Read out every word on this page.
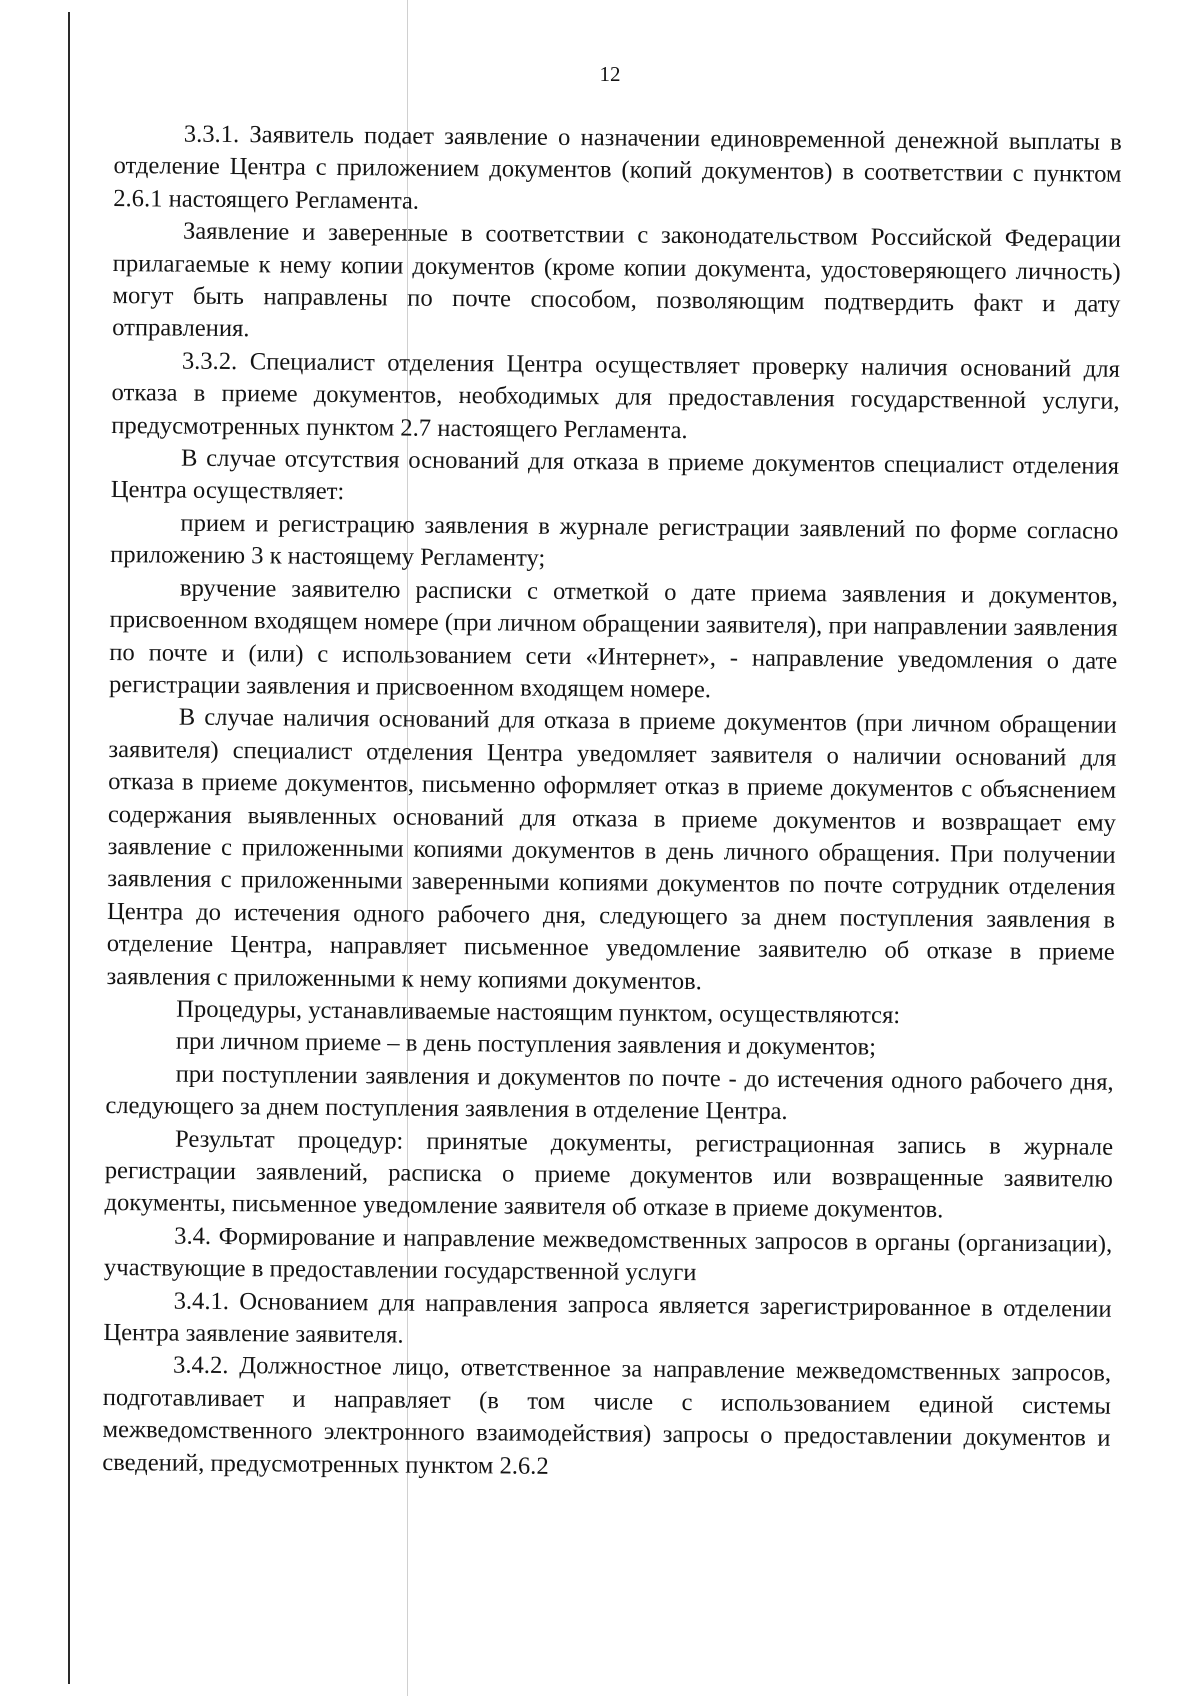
12

3.3.1. Заявитель подает заявление о назначении единовременной денежной выплаты в отделение Центра с приложением документов (копий документов) в соответствии с пунктом 2.6.1 настоящего Регламента.

Заявление и заверенные в соответствии с законодательством Российской Федерации прилагаемые к нему копии документов (кроме копии документа, удостоверяющего личность) могут быть направлены по почте способом, позволяющим подтвердить факт и дату отправления.

3.3.2. Специалист отделения Центра осуществляет проверку наличия оснований для отказа в приеме документов, необходимых для предоставления государственной услуги, предусмотренных пунктом 2.7 настоящего Регламента.

В случае отсутствия оснований для отказа в приеме документов специалист отделения Центра осуществляет:

прием и регистрацию заявления в журнале регистрации заявлений по форме согласно приложению 3 к настоящему Регламенту;

вручение заявителю расписки с отметкой о дате приема заявления и документов, присвоенном входящем номере (при личном обращении заявителя), при направлении заявления по почте и (или) с использованием сети «Интернет», - направление уведомления о дате регистрации заявления и присвоенном входящем номере.

В случае наличия оснований для отказа в приеме документов (при личном обращении заявителя) специалист отделения Центра уведомляет заявителя о наличии оснований для отказа в приеме документов, письменно оформляет отказ в приеме документов с объяснением содержания выявленных оснований для отказа в приеме документов и возвращает ему заявление с приложенными копиями документов в день личного обращения. При получении заявления с приложенными заверенными копиями документов по почте сотрудник отделения Центра до истечения одного рабочего дня, следующего за днем поступления заявления в отделение Центра, направляет письменное уведомление заявителю об отказе в приеме заявления с приложенными к нему копиями документов.

Процедуры, устанавливаемые настоящим пунктом, осуществляются:

при личном приеме – в день поступления заявления и документов;

при поступлении заявления и документов по почте - до истечения одного рабочего дня, следующего за днем поступления заявления в отделение Центра.

Результат процедур: принятые документы, регистрационная запись в журнале регистрации заявлений, расписка о приеме документов или возвращенные заявителю документы, письменное уведомление заявителя об отказе в приеме документов.

3.4. Формирование и направление межведомственных запросов в органы (организации), участвующие в предоставлении государственной услуги

3.4.1. Основанием для направления запроса является зарегистрированное в отделении Центра заявление заявителя.

3.4.2. Должностное лицо, ответственное за направление межведомственных запросов, подготавливает и направляет (в том числе с использованием единой системы межведомственного электронного взаимодействия) запросы о предоставлении документов и сведений, предусмотренных пунктом 2.6.2
